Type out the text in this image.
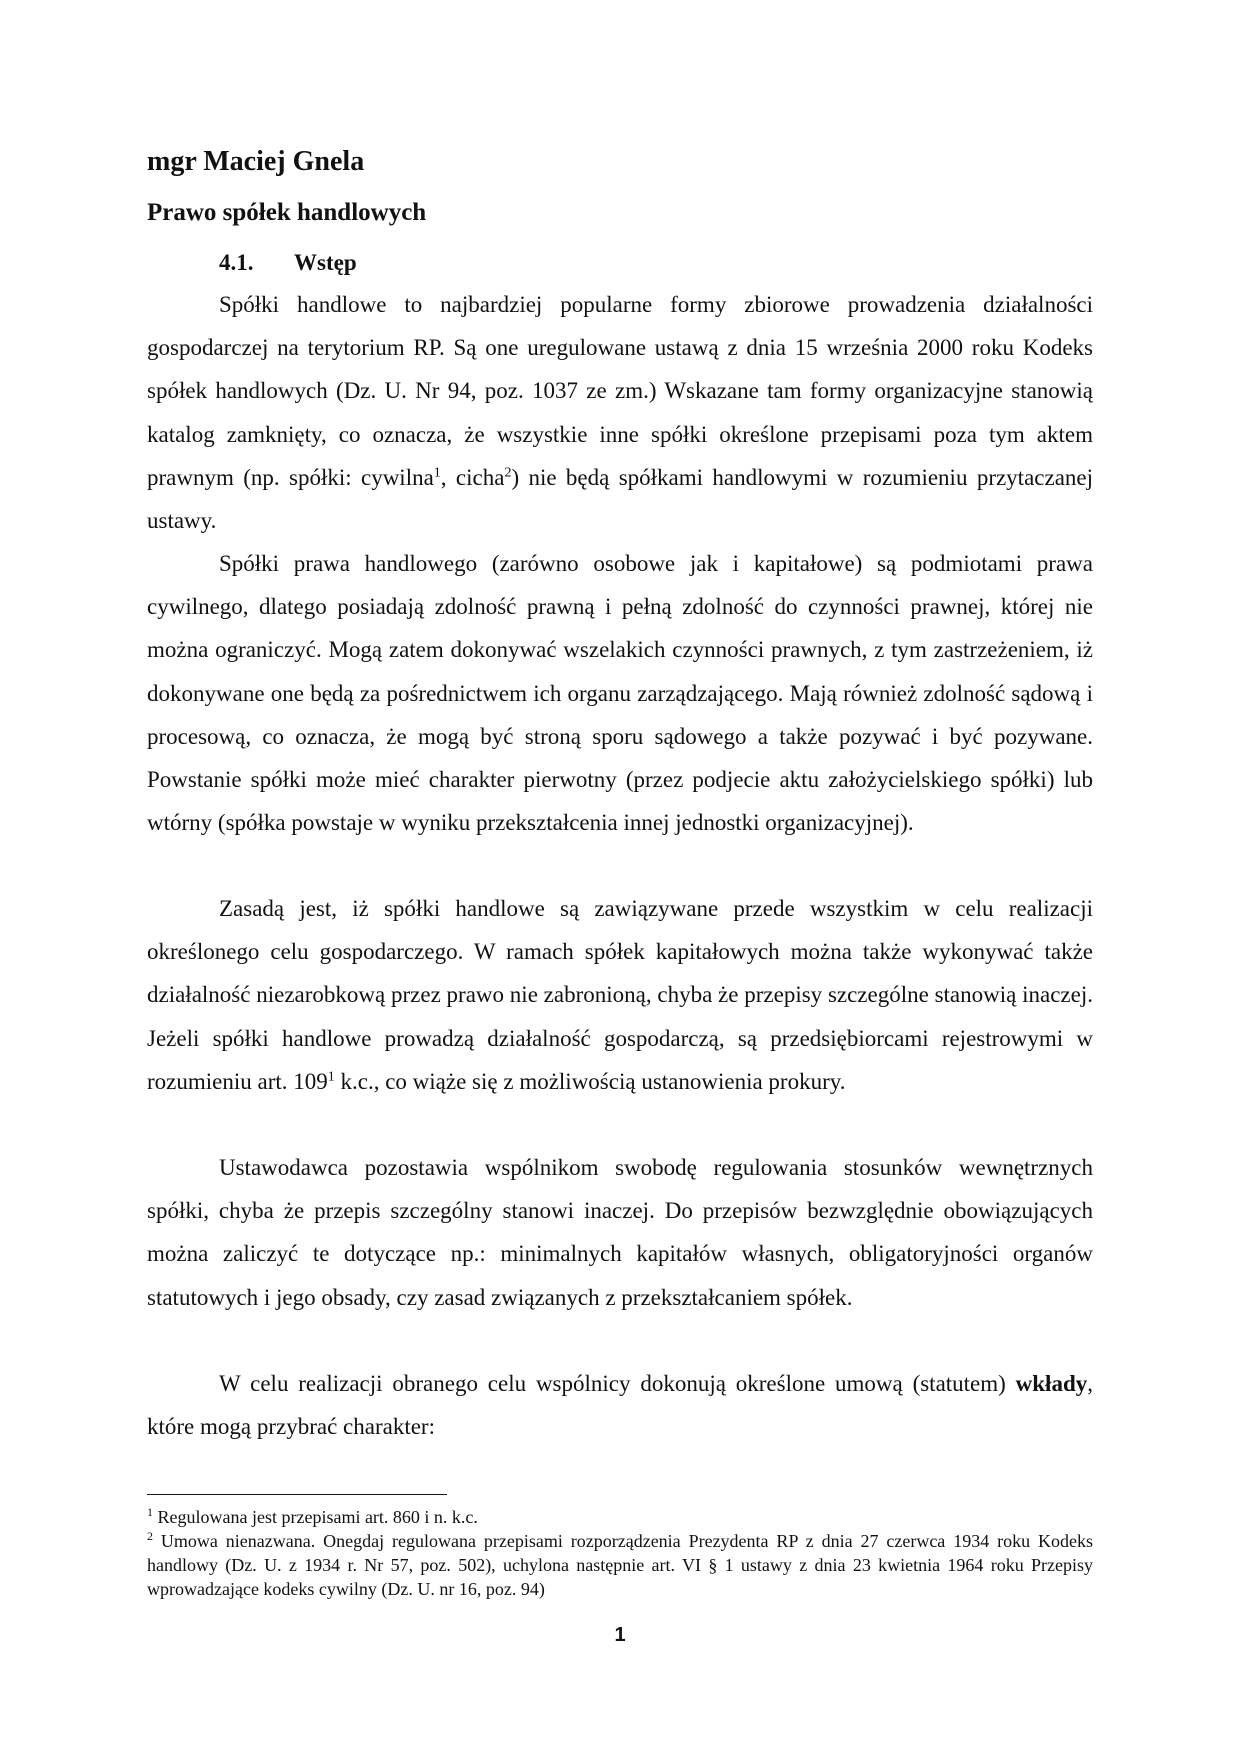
mgr Maciej Gnela
Prawo spółek handlowych
4.1. Wstęp

Spółki handlowe to najbardziej popularne formy zbiorowe prowadzenia działalności gospodarczej na terytorium RP. Są one uregulowane ustawą z dnia 15 września 2000 roku Kodeks spółek handlowych (Dz. U. Nr 94, poz. 1037 ze zm.) Wskazane tam formy organizacyjne stanowią katalog zamknięty, co oznacza, że wszystkie inne spółki określone przepisami poza tym aktem prawnym (np. spółki: cywilna$^1$, cicha$^2$) nie będą spółkami handlowymi w rozumieniu przytaczanej ustawy.

Spółki prawa handlowego (zarówno osobowe jak i kapitałowe) są podmiotami prawa cywilnego, dlatego posiadają zdolność prawną i pełną zdolność do czynności prawnej, której nie można ograniczyć. Mogą zatem dokonywać wszelakich czynności prawnych, z tym zastrzeżeniem, iż dokonywane one będą za pośrednictwem ich organu zarządzającego. Mają również zdolność sądową i procesową, co oznacza, że mogą być stroną sporu sądowego a także pozywać i być pozywane. Powstanie spółki może mieć charakter pierwotny (przez podjecie aktu założycielskiego spółki) lub wtórny (spółka powstaje w wyniku przekształcenia innej jednostki organizacyjnej).

Zasadą jest, iż spółki handlowe są zawiązywane przede wszystkim w celu realizacji określonego celu gospodarczego. W ramach spółek kapitałowych można także wykonywać także działalność niezarobkową przez prawo nie zabronioną, chyba że przepisy szczególne stanowią inaczej. Jeżeli spółki handlowe prowadzą działalność gospodarczą, są przedsiębiorcami rejestrowymi w rozumieniu art. $109^1$ k.c., co wiąże się z możliwością ustanowienia prokury.

Ustawodawca pozostawia wspólnikom swobodę regulowania stosunków wewnętrznych spółki, chyba że przepis szczególny stanowi inaczej. Do przepisów bezwzględnie obowiązujących można zaliczyć te dotyczące np.: minimalnych kapitałów własnych, obligatoryjności organów statutowych i jego obsady, czy zasad związanych z przekształcaniem spółek.

W celu realizacji obranego celu wspólnicy dokonują określone umową (statutem) wkłady, które mogą przybrać charakter:

$^1$ Regulowana jest przepisami art. 860 i n. k.c.

$^2$ Umowa nienazwana. Onegdaj regulowana przepisami rozporządzenia Prezydenta RP z dnia 27 czerwca 1934 roku Kodeks handlowy (Dz. U. z 1934 r. Nr 57, poz. 502), uchylona następnie art. VI § 1 ustawy z dnia 23 kwietnia 1964 roku Przepisy wprowadzające kodeks cywilny (Dz. U. nr 16, poz. 94)

1
